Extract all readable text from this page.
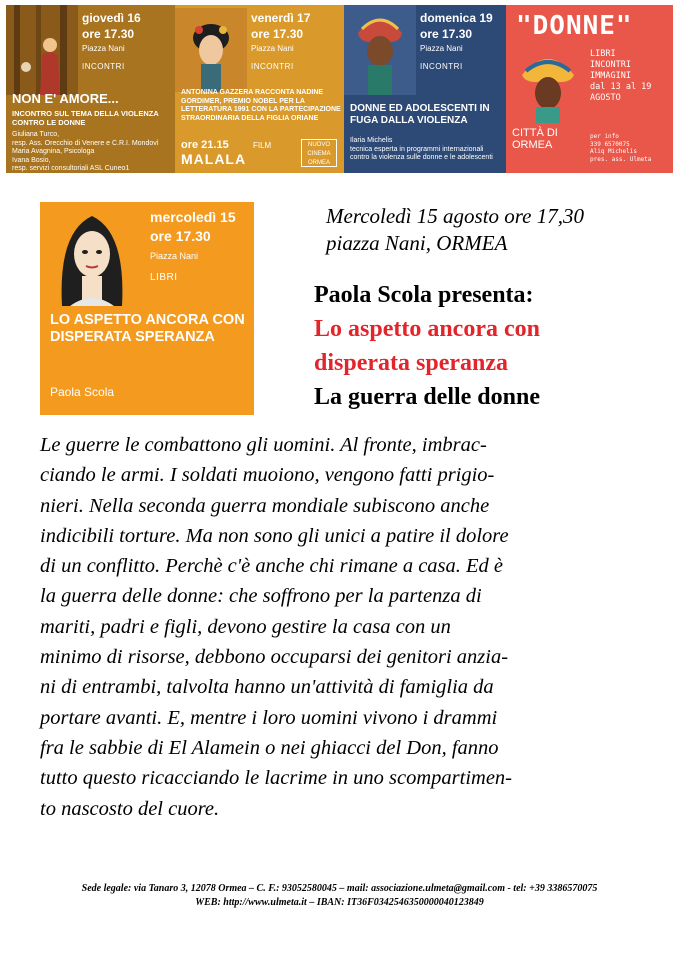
giovedì 16
ore 17.30
Piazza Nani
INCONTRI
NON E' AMORE...
INCONTRO SUL TEMA DELLA VIOLENZA CONTRO LE DONNE
Giuliana Turco,
resp. Ass. Orecchio di Venere e C.R.I. Mondovì
Maria Avagnina, Psicologa
Ivana Bosio,
resp. servizi consultoriali ASL Cuneo1
venerdì 17
ore 17.30
Piazza Nani
INCONTRI
ANTONINA GAZZERA RACCONTA NADINE GORDIMER, PREMIO NOBEL PER LA LETTERATURA 1991 CON LA PARTECIPAZIONE STRAORDINARIA DELLA FIGLIA ORIANE
ore 21.15	FILM
MALALA
NUOVO CINEMA ORMEA
domenica 19
ore 17.30
Piazza Nani
INCONTRI
DONNE ED ADOLESCENTI IN FUGA DALLA VIOLENZA
Ilaria Michelis
tecnica esperta in programmi internazionali
contro la violenza sulle donne e le adolescenti
"DONNE"
LIBRI
INCONTRI
IMMAGINI
dal 13 al 19
AGOSTO
CITTÀ DI
ORMEA
per info
339 6570075
Aliq Michelis
pres. ass. Ulmeta
mercoledì 15
ore 17.30
Piazza Nani
LIBRI
LO ASPETTO ANCORA CON DISPERATA SPERANZA
Paola Scola
Mercoledì 15 agosto ore 17,30
piazza Nani, ORMEA
Paola Scola presenta:
Lo aspetto ancora con
disperata speranza
La guerra delle donne
Le guerre le combattono gli uomini. Al fronte, imbrac-
ciando le armi. I soldati muoiono, vengono fatti prigio-
nieri. Nella seconda guerra mondiale subiscono anche
indicibili torture. Ma non sono gli unici a patire il dolore
di un conflitto. Perchè c'è anche chi rimane a casa. Ed è
la guerra delle donne: che soffrono per la partenza di
mariti, padri e figli, devono gestire la casa con un
minimo di risorse, debbono occuparsi dei genitori anzia-
ni di entrambi, talvolta hanno un'attività di famiglia da
portare avanti. E, mentre i loro uomini vivono i drammi
fra le sabbie di El Alamein o nei ghiacci del Don, fanno
tutto questo ricacciando le lacrime in uno scompartimen-
to nascosto del cuore.
Sede legale: via Tanaro 3, 12078 Ormea – C. F.: 93052580045 – mail: associazione.ulmeta@gmail.com - tel: +39 3386570075
WEB: http://www.ulmeta.it – IBAN: IT36F0342546350000040123849
